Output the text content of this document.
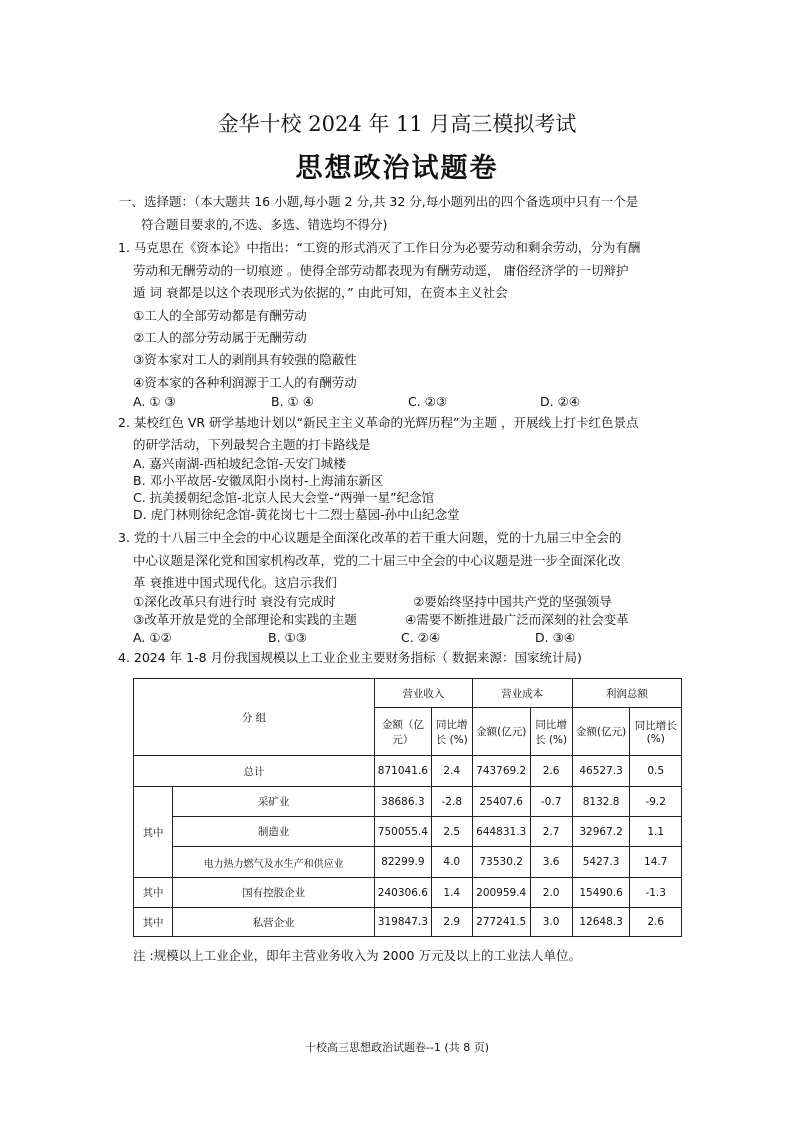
金华十校 2024 年 11 月高三模拟考试
思想政治试题卷
一、选择题：（本大题共 16 小题,每小题 2 分,共 32 分,每小题列出的四个备选项中只有一个是
符合题目要求的,不选、多选、错选均不得分)
1. 马克思在《资本论》中指出：“工资的形式消灭了工作日分为必要劳动和剩余劳动，分为有酬
劳动和无酬劳动的一切痕迹 。使得全部劳动都表现为有酬劳动逕， 庸俗经济学的一切辩护
遁 词 衰都是以这个表现形式为依据的，” 由此可知，在资本主义社会
①工人的全部劳动都是有酬劳动
②工人的部分劳动属于无酬劳动
③资本家对工人的剥削具有较强的隐蔽性
④资本家的各种利润源于工人的有酬劳动
A. ① ③	B. ① ④	C. ②③	D. ②④
2. 某校红色 VR 研学基地计划以“新民主主义革命的光辉历程”为主题 ，开展线上打卡红色景点
的研学活动，下列最契合主题的打卡路线是
A. 嘉兴南湖-西柏坡纪念馆-天安门城楼
B. 邓小平故居-安徽凤阳小岗村-上海浦东新区
C. 抗美援朝纪念馆-北京人民大会堂-“两弹一星”纪念馆
D. 虎门林则徐纪念馆-黄花岗七十二烈士墓园-孙中山纪念堂
3. 党的十八届三中全会的中心议题是全面深化改革的若干重大问题，党的十九届三中全会的
中心议题是深化党和国家机构改革，党的二十届三中全会的中心议题是进一步全面深化改
革 衰推进中国式现代化。这启示我们
①深化改革只有进行时 衰没有完成时	②要始终坚持中国共产党的坚强领导
③改革开放是党的全部理论和实践的主题	④需要不断推进最广泛而深刻的社会变革
A. ①②	B. ①③	C. ②④	D. ③④
4. 2024 年 1-8 月份我国规模以上工业企业主要财务指标（ 数据来源：国家统计局)
分 组		营业收入		营业成本		利润总额	
		金额（亿元）	同比增长 (%)	金额(亿元)	同比增长 (%)	金额(亿元)	同比增长 (%)
总计		871041.6	2.4	743769.2	2.6	46527.3	0.5
其中	采矿业	38686.3	-2.8	25407.6	-0.7	8132.8	-9.2
	制造业	750055.4	2.5	644831.3	2.7	32967.2	1.1
	电力热力燃气及水生产和供应业	82299.9	4.0	73530.2	3.6	5427.3	14.7
其中	国有控股企业	240306.6	1.4	200959.4	2.0	15490.6	-1.3
其中	私营企业	319847.3	2.9	277241.5	3.0	12648.3	2.6
注 :规模以上工业企业，即年主营业务收入为 2000 万元及以上的工业法人单位。
十校高三思想政治试题卷--1 (共 8 页)
